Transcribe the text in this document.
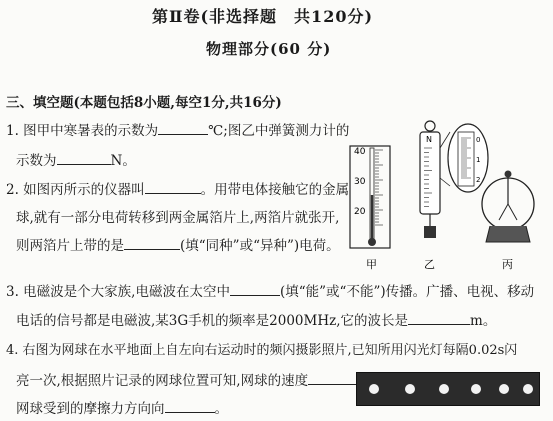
第Ⅱ卷(非选择题　共120分)
物理部分(60 分)
三、填空题(本题包括8小题,每空1分,共16分)
1. 图甲中寒暑表的示数为	℃;图乙中弹簧测力计的
示数为	N。
2. 如图丙所示的仪器叫	。用带电体接触它的金属
球,就有一部分电荷转移到两金属箔片上,两箔片就张开,
则两箔片上带的是	(填“同种”或“异种”)电荷。
3. 电磁波是个大家族,电磁波在太空中	(填“能”或“不能”)传播。广播、电视、移动
电话的信号都是电磁波,某3G手机的频率是2000MHz,它的波长是	m。
4. 右图为网球在水平地面上自左向右运动时的频闪摄影照片,已知所用闪光灯每隔0.02s闪
亮一次,根据照片记录的网球位置可知,网球的速度
网球受到的摩擦力方向向	。
40
30
20
甲
N
乙
0
1
2
丙
